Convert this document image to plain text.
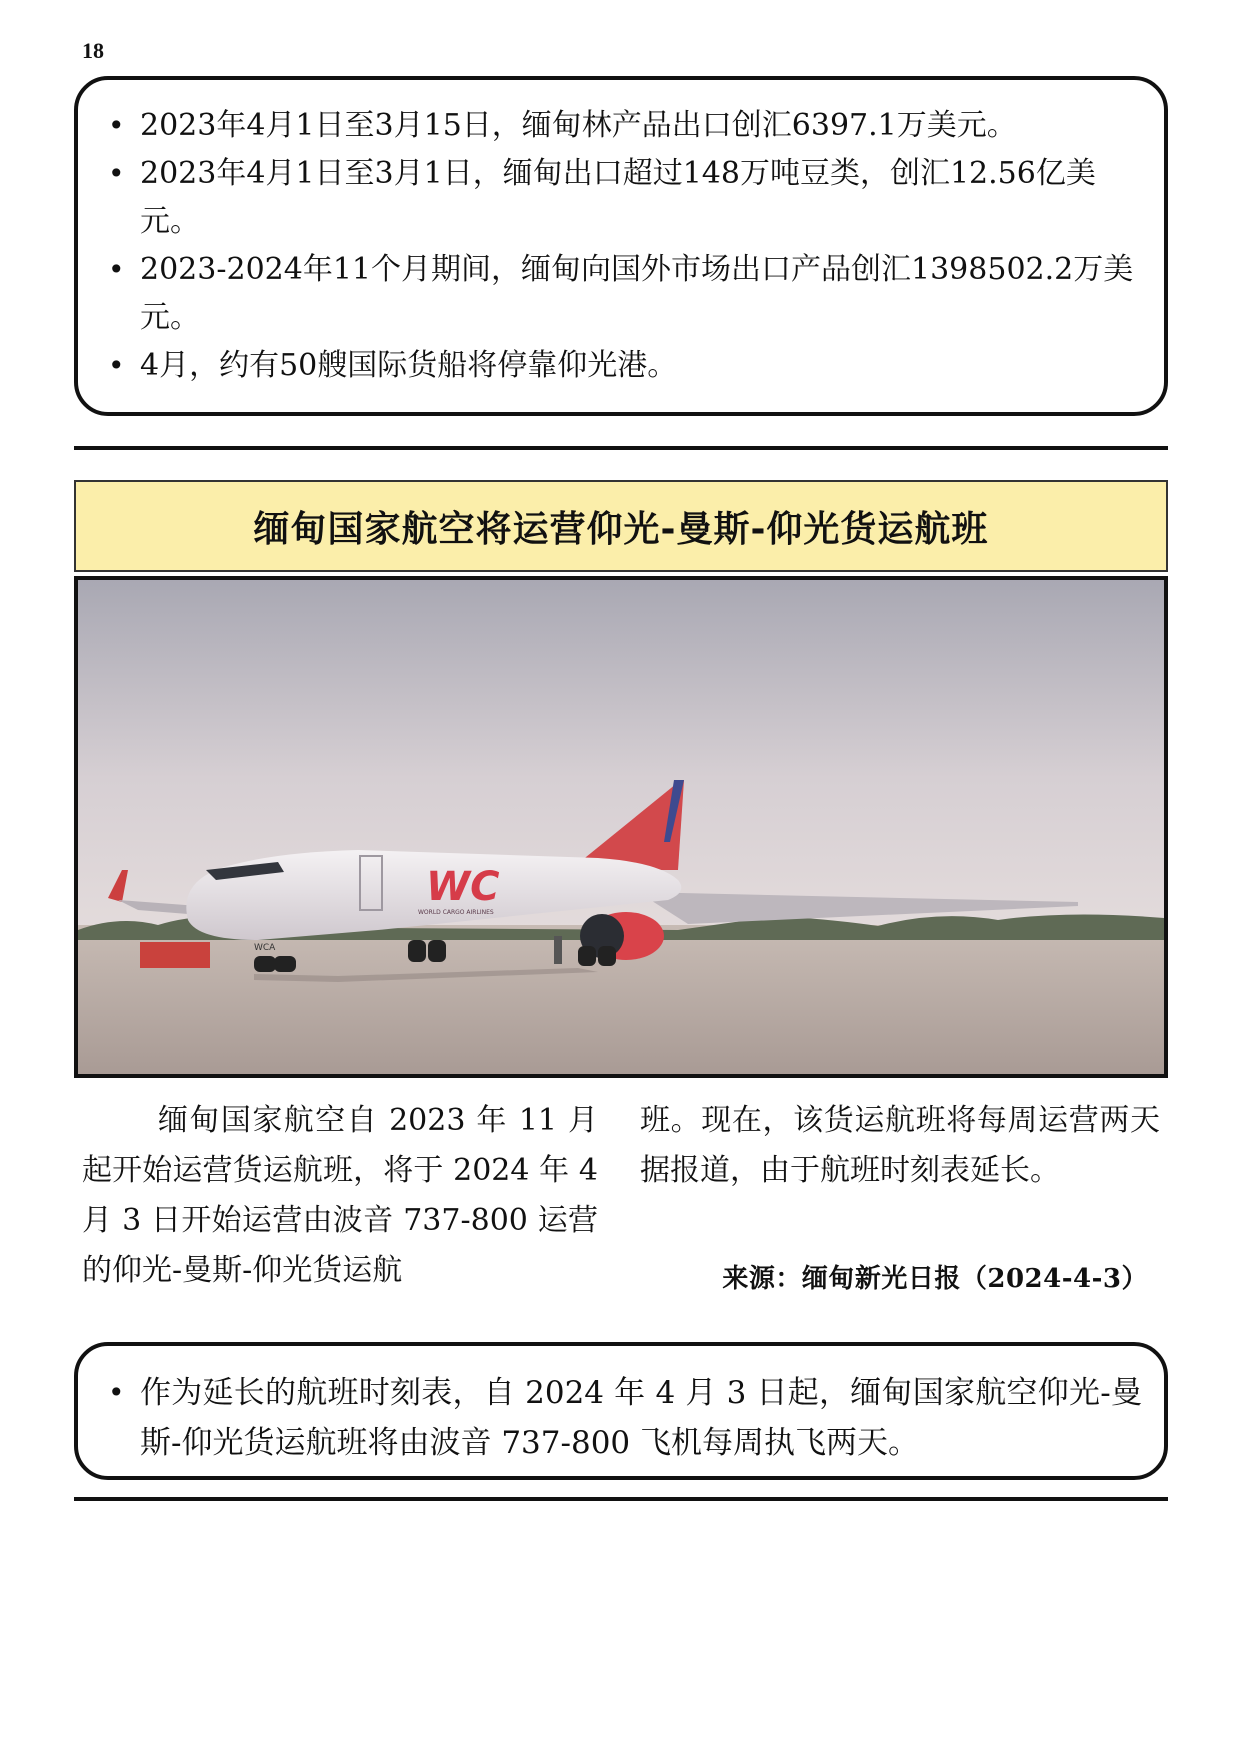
18
• 2023年4月1日至3月15日，缅甸林产品出口创汇6397.1万美元。
• 2023年4月1日至3月1日，缅甸出口超过148万吨豆类，创汇12.56亿美元。
• 2023-2024年11个月期间，缅甸向国外市场出口产品创汇1398502.2万美元。
• 4月，约有50艘国际货船将停靠仰光港。
缅甸国家航空将运营仰光-曼斯-仰光货运航班
WC
WORLD CARGO AIRLINES
WCA
缅甸国家航空自 2023 年 11 月起开始运营货运航班，将于 2024 年 4 月 3 日开始运营由波音 737-800 运营的仰光-曼斯-仰光货运航
班。现在，该货运航班将每周运营两天据报道，由于航班时刻表延长。
来源：缅甸新光日报（2024-4-3）
• 作为延长的航班时刻表，自 2024 年 4 月 3 日起，缅甸国家航空仰光-曼斯-仰光货运航班将由波音 737-800 飞机每周执飞两天。
